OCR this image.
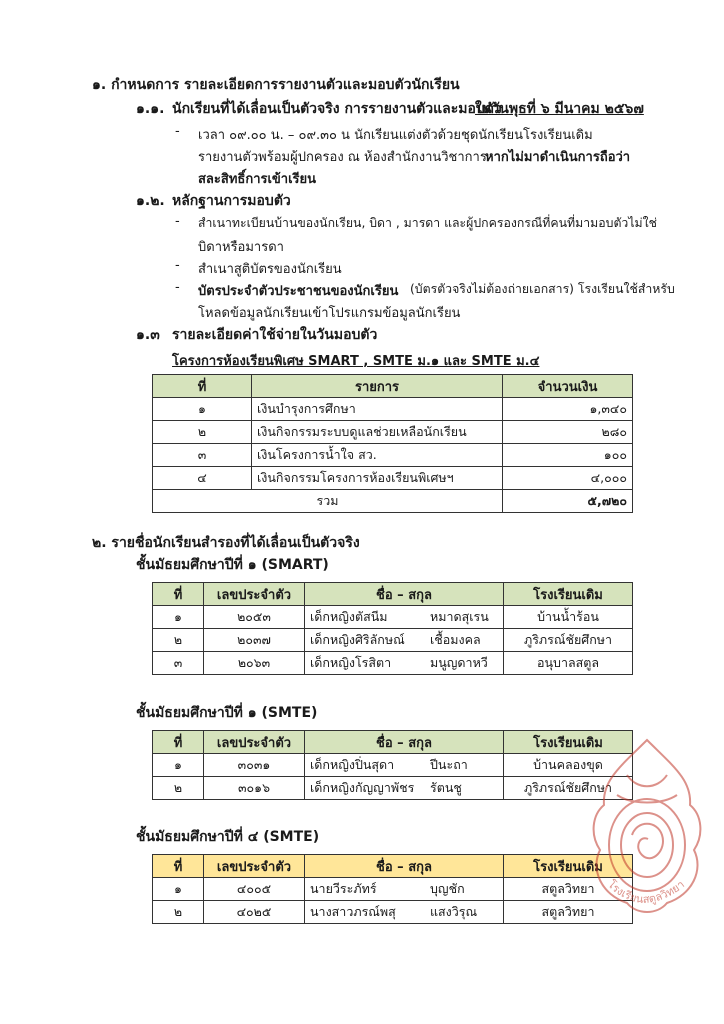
๑. กำหนดการ รายละเอียดการรายงานตัวและมอบตัวนักเรียน
๑.๑. นักเรียนที่ได้เลื่อนเป็นตัวจริง การรายงานตัวและมอบตัว
ในวันพุธที่ ๖ มีนาคม ๒๕๖๗
- เวลา ๐๙.๐๐ น. – ๐๙.๓๐ น นักเรียนแต่งตัวด้วยชุดนักเรียนโรงเรียนเดิม
รายงานตัวพร้อมผู้ปกครอง ณ ห้องสำนักงานวิชาการ
หากไม่มาดำเนินการถือว่า
สละสิทธิ์การเข้าเรียน
๑.๒. หลักฐานการมอบตัว
- สำเนาทะเบียนบ้านของนักเรียน, บิดา , มารดา และผู้ปกครองกรณีที่คนที่มามอบตัวไม่ใช่
บิดาหรือมารดา
- สำเนาสูติบัตรของนักเรียน
- บัตรประจำตัวประชาชนของนักเรียน (บัตรตัวจริงไม่ต้องถ่ายเอกสาร) โรงเรียนใช้สำหรับ
โหลดข้อมูลนักเรียนเข้าโปรแกรมข้อมูลนักเรียน
๑.๓ รายละเอียดค่าใช้จ่ายในวันมอบตัว
โครงการห้องเรียนพิเศษ SMART , SMTE ม.๑ และ SMTE ม.๔
ที่	รายการ	จำนวนเงิน
๑	เงินบำรุงการศึกษา	๑,๓๔๐
๒	เงินกิจกรรมระบบดูแลช่วยเหลือนักเรียน	๒๘๐
๓	เงินโครงการน้ำใจ สว.	๑๐๐
๔	เงินกิจกรรมโครงการห้องเรียนพิเศษฯ	๔,๐๐๐
รวม		๕,๗๒๐
๒. รายชื่อนักเรียนสำรองที่ได้เลื่อนเป็นตัวจริง
ชั้นมัธยมศึกษาปีที่ ๑ (SMART)
ที่	เลขประจำตัว	ชื่อ – สกุล		โรงเรียนเดิม
๑	๒๐๕๓	เด็กหญิงตัสนีม	หมาดสุเรน	บ้านน้ำร้อน
๒	๒๐๓๗	เด็กหญิงศิริลักษณ์	เชื้อมงคล	ภูริภรณ์ชัยศึกษา
๓	๒๐๖๓	เด็กหญิงโรสิตา	มนูญดาหวี	อนุบาลสตูล
ชั้นมัธยมศึกษาปีที่ ๑ (SMTE)
ที่	เลขประจำตัว	ชื่อ – สกุล		โรงเรียนเดิม
๑	๓๐๓๑	เด็กหญิงปิ่นสุดา	ปีนะถา	บ้านคลองขุด
๒	๓๐๑๖	เด็กหญิงกัญญาพัชร	รัตนชู	ภูริภรณ์ชัยศึกษา
ชั้นมัธยมศึกษาปีที่ ๔ (SMTE)
ที่	เลขประจำตัว	ชื่อ – สกุล		โรงเรียนเดิม
๑	๔๐๐๕	นายวีระภัทร์	บุญชัก	สตูลวิทยา
๒	๔๐๒๕	นางสาวภรณ์พสุ	แสงวิรุณ	สตูลวิทยา
โรงเรียนสตูลวิทยา
